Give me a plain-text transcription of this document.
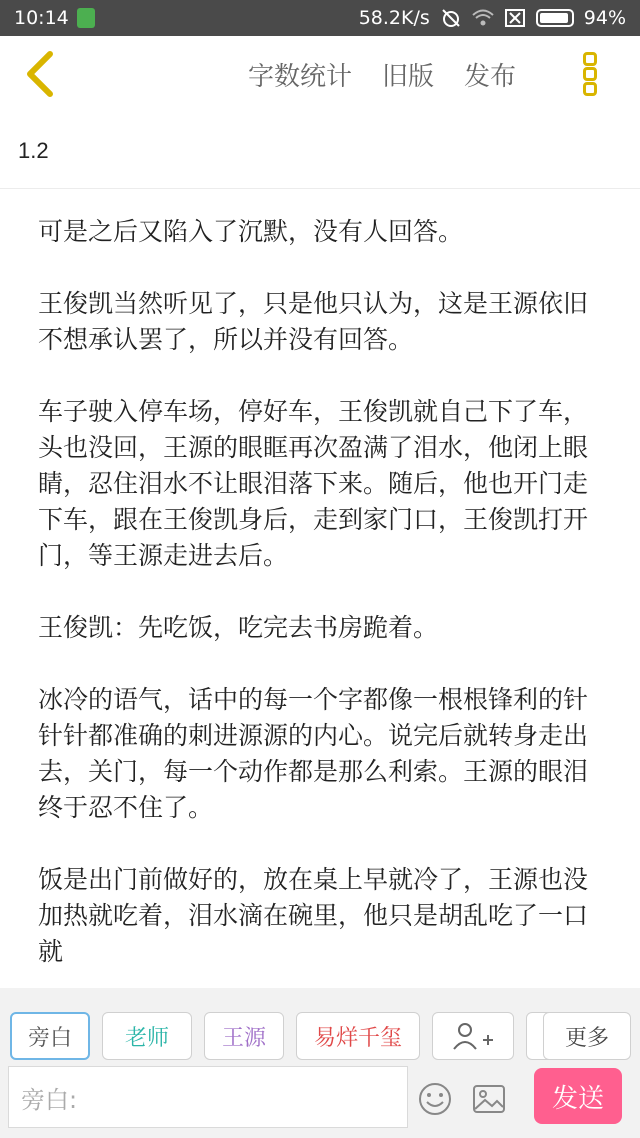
10:14	58.2K/s	94%
字数统计 旧版 发布
1.2

可是之后又陷入了沉默，没有人回答。

王俊凯当然听见了，只是他只认为，这是王源依旧不想承认罢了，所以并没有回答。

车子驶入停车场，停好车，王俊凯就自己下了车，头也没回，王源的眼眶再次盈满了泪水，他闭上眼睛，忍住泪水不让眼泪落下来。随后，他也开门走下车，跟在王俊凯身后，走到家门口，王俊凯打开门，等王源走进去后。

王俊凯：先吃饭，吃完去书房跪着。

冰冷的语气，话中的每一个字都像一根根锋利的针针针都准确的刺进源源的内心。说完后就转身走出去，关门，每一个动作都是那么利索。王源的眼泪终于忍不住了。

饭是出门前做好的，放在桌上早就冷了，王源也没加热就吃着，泪水滴在碗里，他只是胡乱吃了一口就

旁白 老师 王源 易烊千玺	更多
旁白:	发送
